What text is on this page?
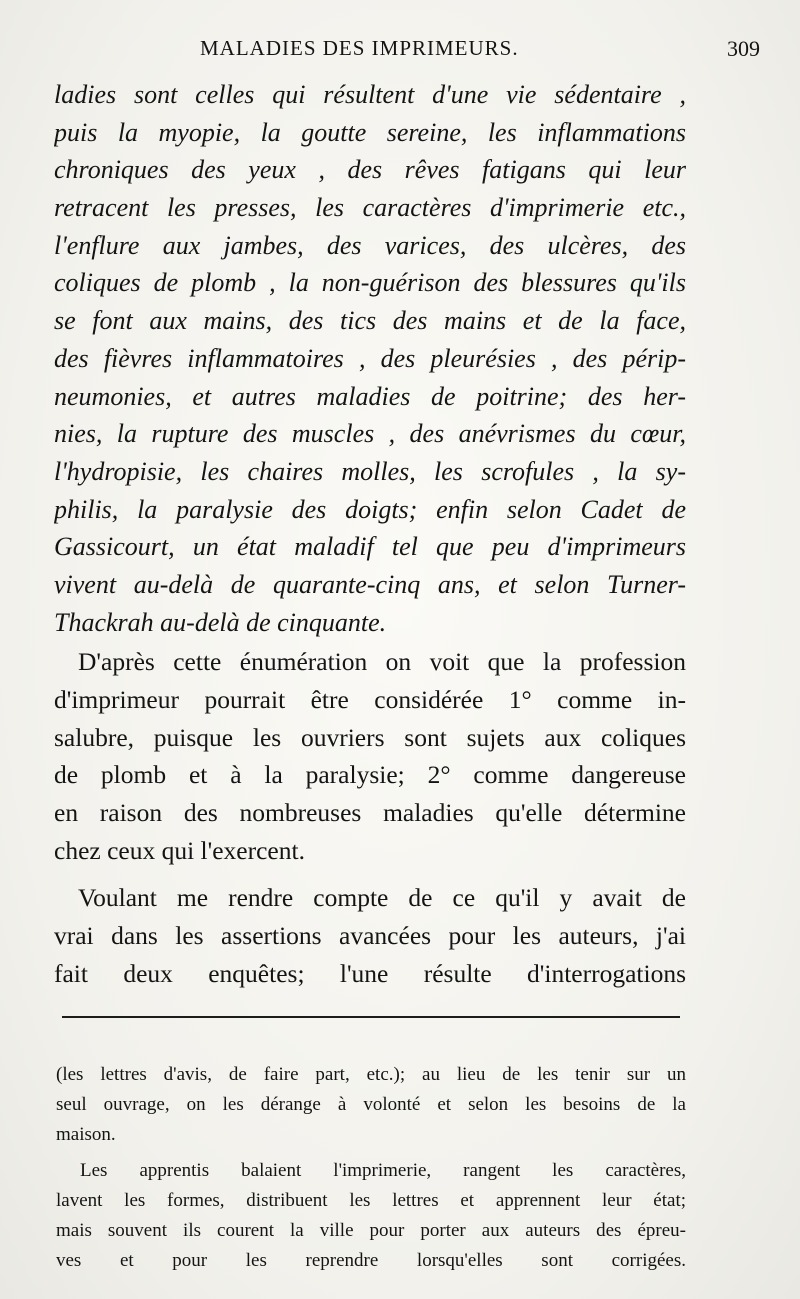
MALADIES DES IMPRIMEURS.	309
ladies sont celles qui résultent d'une vie sédentaire ,
puis la myopie, la goutte sereine, les inflammations
chroniques des yeux , des rêves fatigans qui leur
retracent les presses, les caractères d'imprimerie etc.,
l'enflure aux jambes, des varices, des ulcères, des
coliques de plomb , la non-guérison des blessures qu'ils
se font aux mains, des tics des mains et de la face,
des fièvres inflammatoires , des pleurésies , des périp-
neumonies, et autres maladies de poitrine; des her-
nies, la rupture des muscles , des anévrismes du cœur,
l'hydropisie, les chaires molles, les scrofules , la sy-
philis, la paralysie des doigts; enfin selon Cadet de
Gassicourt, un état maladif tel que peu d'imprimeurs
vivent au-delà de quarante-cinq ans, et selon Turner-
Thackrah au-delà de cinquante.
D'après cette énumération on voit que la profession
d'imprimeur pourrait être considérée 1° comme in-
salubre, puisque les ouvriers sont sujets aux coliques
de plomb et à la paralysie; 2° comme dangereuse
en raison des nombreuses maladies qu'elle détermine
chez ceux qui l'exercent.
Voulant me rendre compte de ce qu'il y avait de
vrai dans les assertions avancées pour les auteurs, j'ai
fait deux enquêtes; l'une résulte d'interrogations
(les lettres d'avis, de faire part, etc.); au lieu de les tenir sur un
seul ouvrage, on les dérange à volonté et selon les besoins de la
maison.
Les apprentis balaient l'imprimerie, rangent les caractères,
lavent les formes, distribuent les lettres et apprennent leur état;
mais souvent ils courent la ville pour porter aux auteurs des épreu-
ves et pour les reprendre lorsqu'elles sont corrigées.
